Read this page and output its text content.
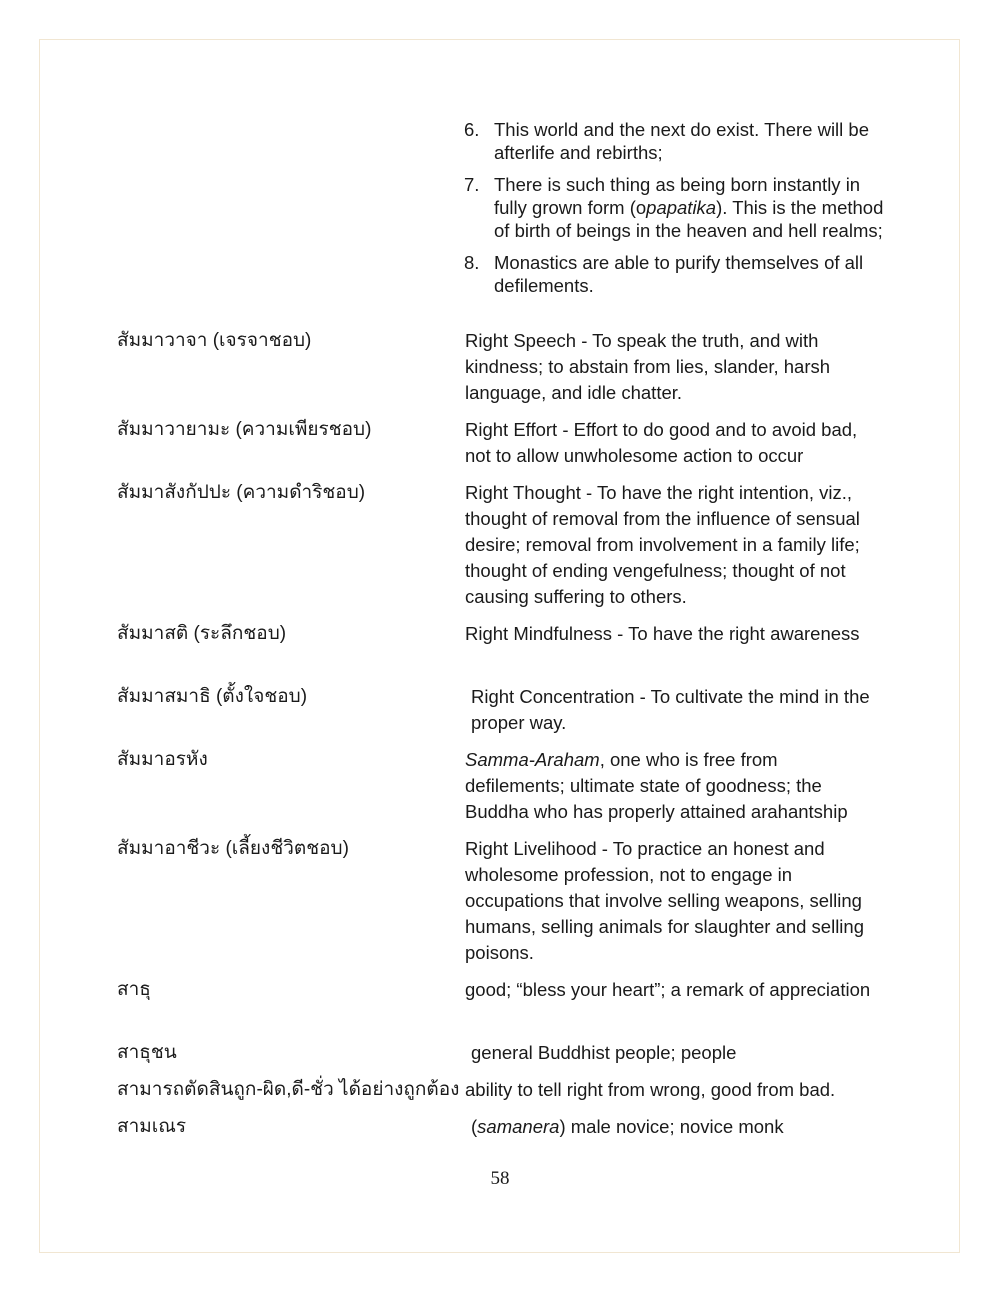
6. This world and the next do exist. There will be afterlife and rebirths;
7. There is such thing as being born instantly in fully grown form (opapatika). This is the method of birth of beings in the heaven and hell realms;
8. Monastics are able to purify themselves of all defilements.
สัมมาวาจา (เจรจาชอบ)	Right Speech - To speak the truth, and with kindness; to abstain from lies, slander, harsh language, and idle chatter.
สัมมาวายามะ (ความเพียรชอบ)	Right Effort - Effort to do good and to avoid bad, not to allow unwholesome action to occur
สัมมาสังกัปปะ (ความดำริชอบ)	Right Thought - To have the right intention, viz., thought of removal from the influence of sensual desire; removal from involvement in a family life; thought of ending vengefulness; thought of not causing suffering to others.
สัมมาสติ (ระลึกชอบ)	Right Mindfulness - To have the right awareness
สัมมาสมาธิ (ตั้งใจชอบ)	Right Concentration - To cultivate the mind in the proper way.
สัมมาอรหัง	Samma-Araham, one who is free from defilements; ultimate state of goodness; the Buddha who has properly attained arahantship
สัมมาอาชีวะ (เลี้ยงชีวิตชอบ)	Right Livelihood - To practice an honest and wholesome profession, not to engage in occupations that involve selling weapons, selling humans, selling animals for slaughter and selling poisons.
สาธุ	good; “bless your heart”; a remark of appreciation
สาธุชน	general Buddhist people; people
สามารถตัดสินถูก-ผิด,ดี-ชั่ว ได้อย่างถูกต้อง ability to tell right from wrong, good from bad.
สามเณร	(samanera) male novice; novice monk
58
